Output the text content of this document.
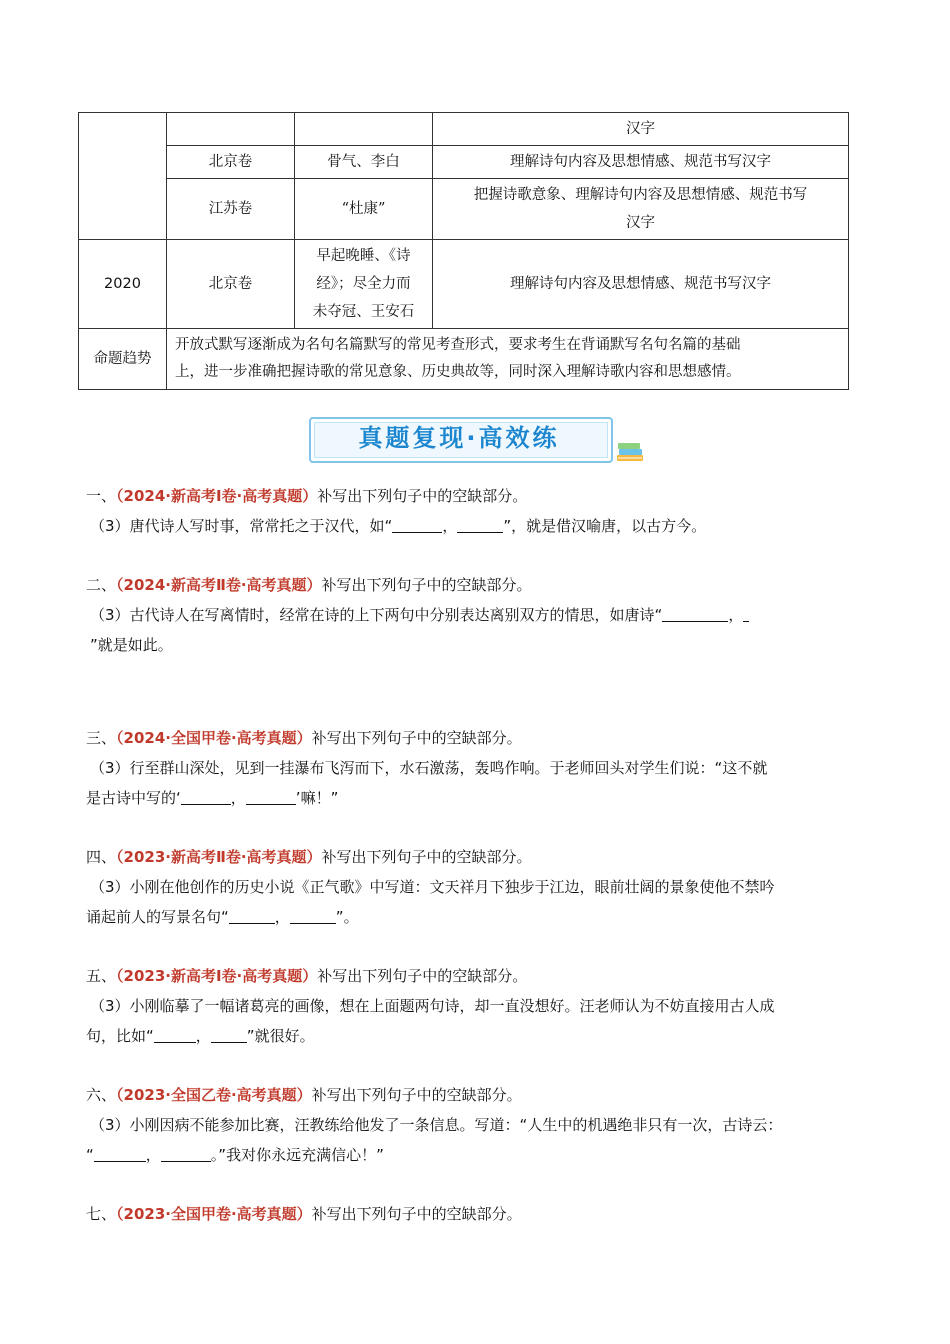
			汉字
	北京卷	骨气、李白	理解诗句内容及思想情感、规范书写汉字
	江苏卷	“杜康”	把握诗歌意象、理解诗句内容及思想情感、规范书写
汉字
2020	北京卷	早起晚睡、《诗
经》；尽全力而
未夺冠、王安石	理解诗句内容及思想情感、规范书写汉字
命题趋势	开放式默写逐渐成为名句名篇默写的常见考查形式，要求考生在背诵默写名句名篇的基础
上，进一步准确把握诗歌的常见意象、历史典故等，同时深入理解诗歌内容和思想感情。		
真题复现·高效练
一、（2024·新高考Ⅰ卷·高考真题）补写出下列句子中的空缺部分。
（3）唐代诗人写时事，常常托之于汉代，如“	，	”，就是借汉喻唐，以古方今。
二、（2024·新高考Ⅱ卷·高考真题）补写出下列句子中的空缺部分。
（3）古代诗人在写离情时，经常在诗的上下两句中分别表达离别双方的情思，如唐诗“	，
”就是如此。
三、（2024·全国甲卷·高考真题）补写出下列句子中的空缺部分。
（3）行至群山深处，见到一挂瀑布飞泻而下，水石激荡，轰鸣作响。于老师回头对学生们说：“这不就
是古诗中写的‘	，	’嘛！”
四、（2023·新高考Ⅱ卷·高考真题）补写出下列句子中的空缺部分。
（3）小刚在他创作的历史小说《正气歌》中写道：文天祥月下独步于江边，眼前壮阔的景象使他不禁吟
诵起前人的写景名句“	，	”。
五、（2023·新高考Ⅰ卷·高考真题）补写出下列句子中的空缺部分。
（3）小刚临摹了一幅诸葛亮的画像，想在上面题两句诗，却一直没想好。汪老师认为不妨直接用古人成
句，比如“	， ”就很好。
六、（2023·全国乙卷·高考真题）补写出下列句子中的空缺部分。
（3）小刚因病不能参加比赛，汪教练给他发了一条信息。写道：“人生中的机遇绝非只有一次，古诗云：
“	，	。”我对你永远充满信心！”
七、（2023·全国甲卷·高考真题）补写出下列句子中的空缺部分。
